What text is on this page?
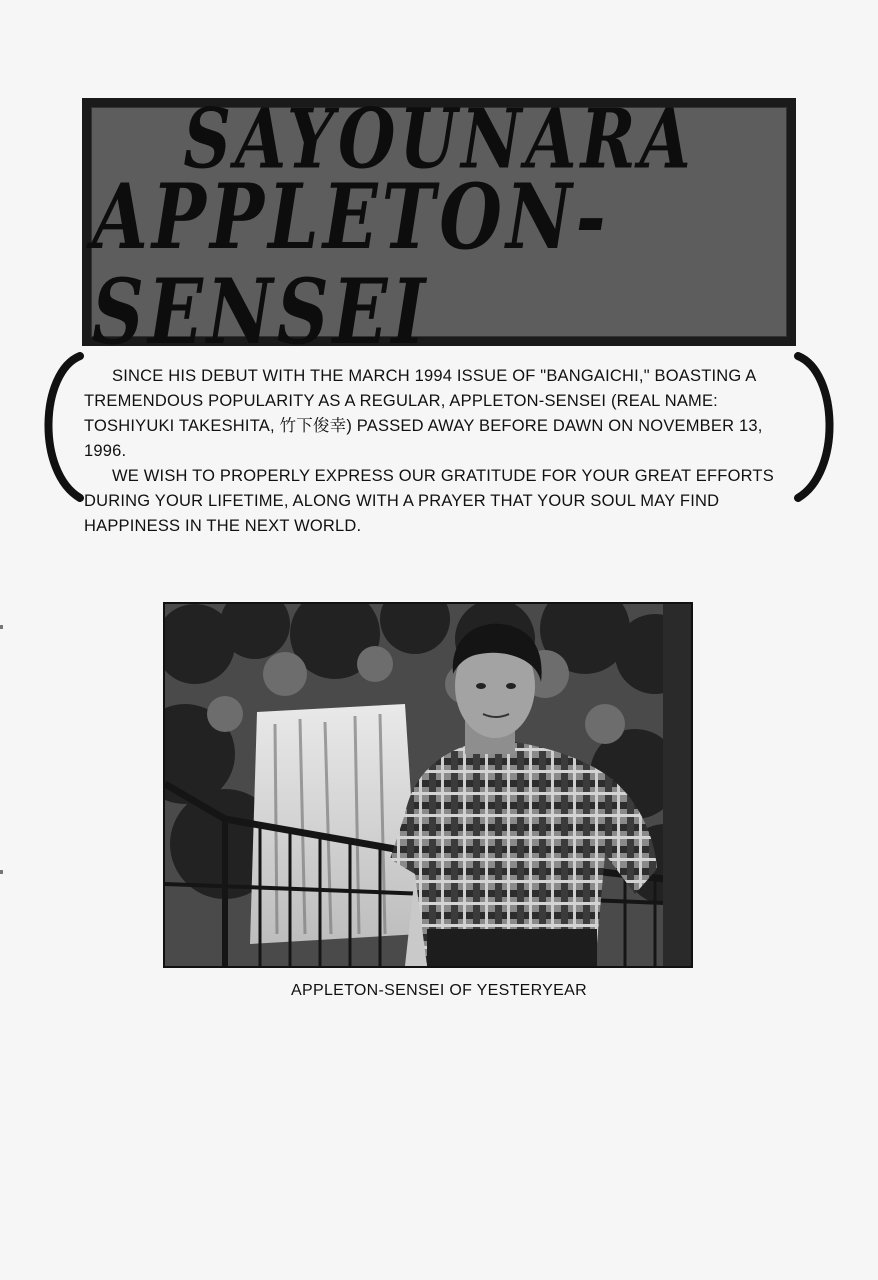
SAYOUNARA
APPLETON-SENSEI

SINCE HIS DEBUT WITH THE MARCH 1994 ISSUE OF "BANGAICHI," BOASTING A TREMENDOUS POPULARITY AS A REGULAR, APPLETON-SENSEI (REAL NAME: TOSHIYUKI TAKESHITA, 竹下俊幸) PASSED AWAY BEFORE DAWN ON NOVEMBER 13, 1996.

WE WISH TO PROPERLY EXPRESS OUR GRATITUDE FOR YOUR GREAT EFFORTS DURING YOUR LIFETIME, ALONG WITH A PRAYER THAT YOUR SOUL MAY FIND HAPPINESS IN THE NEXT WORLD.

APPLETON-SENSEI OF YESTERYEAR
